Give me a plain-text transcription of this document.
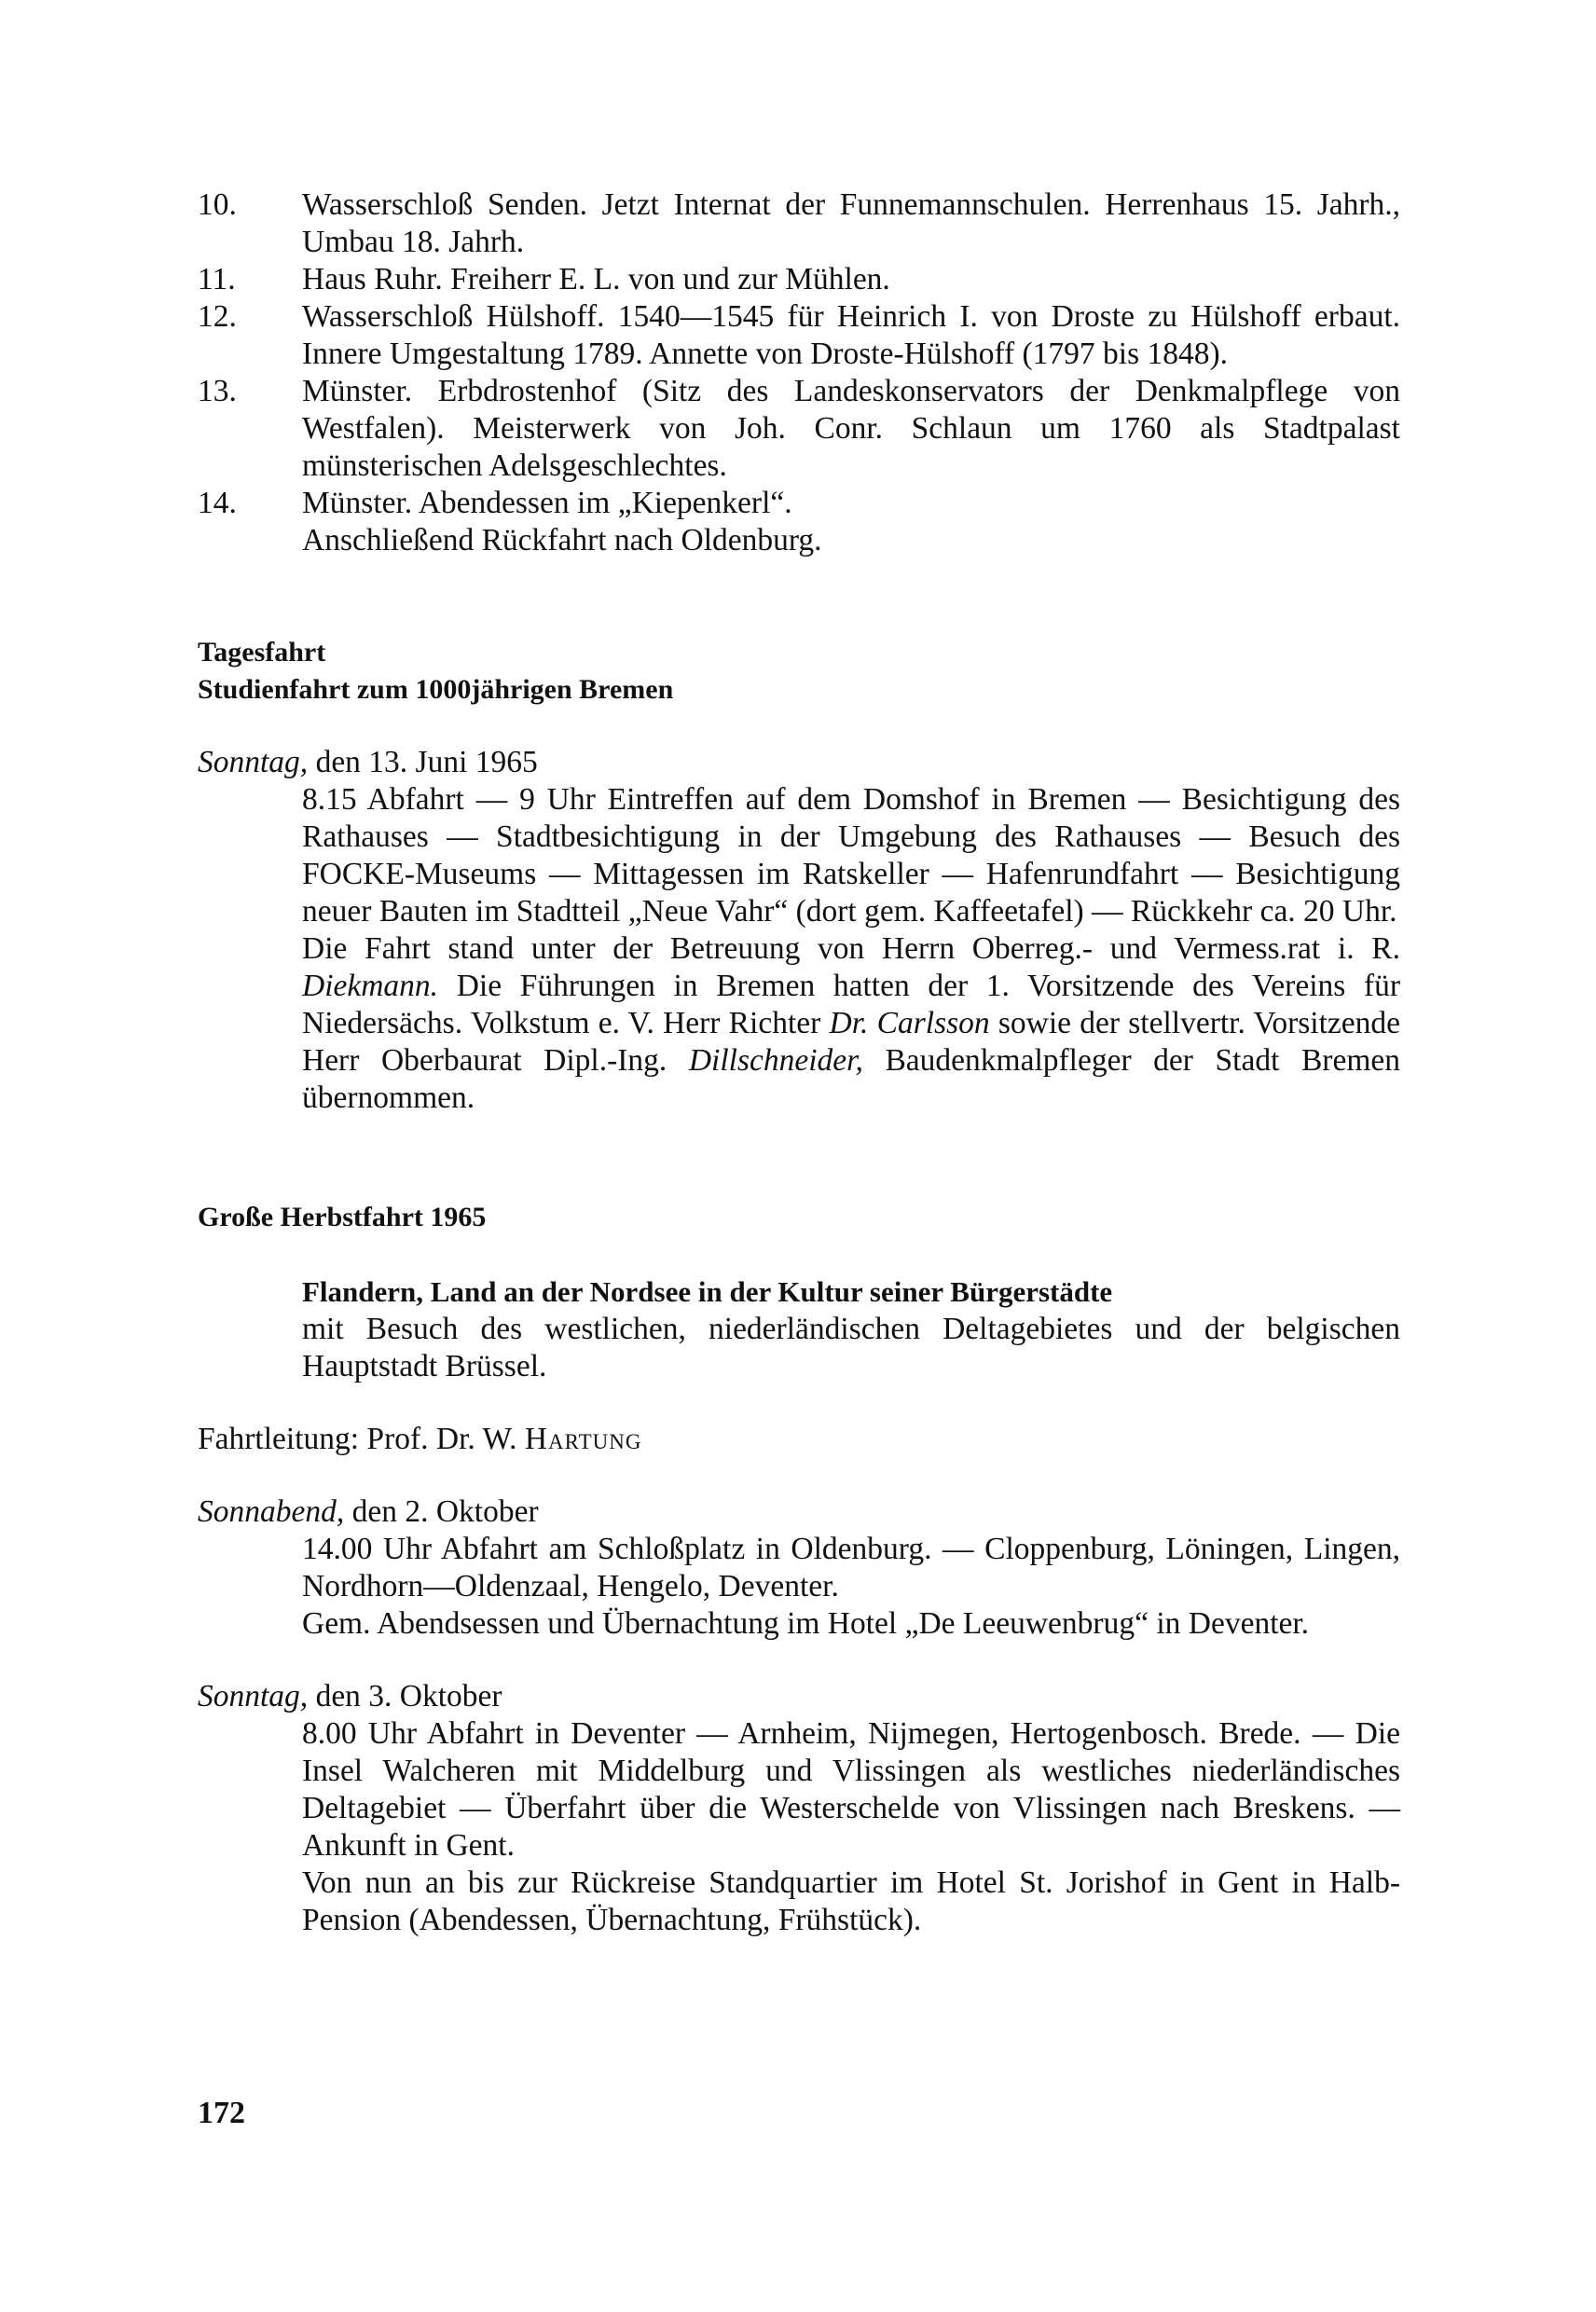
10.	Wasserschloß Senden. Jetzt Internat der Funnemannschulen. Herrenhaus 15. Jahrh., Umbau 18. Jahrh.
11.	Haus Ruhr. Freiherr E. L. von und zur Mühlen.
12.	Wasserschloß Hülshoff. 1540—1545 für Heinrich I. von Droste zu Hülshoff erbaut. Innere Umgestaltung 1789. Annette von Droste-Hülshoff (1797 bis 1848).
13.	Münster. Erbdrostenhof (Sitz des Landeskonservators der Denkmalpflege von Westfalen). Meisterwerk von Joh. Conr. Schlaun um 1760 als Stadtpalast münsterischen Adelsgeschlechtes.
14.	Münster. Abendessen im „Kiepenkerl“.
Anschließend Rückfahrt nach Oldenburg.
Tagesfahrt
Studienfahrt zum 1000jährigen Bremen
Sonntag, den 13. Juni 1965
8.15 Abfahrt — 9 Uhr Eintreffen auf dem Domshof in Bremen — Besichtigung des Rathauses — Stadtbesichtigung in der Umgebung des Rathauses — Besuch des FOCKE-Museums — Mittagessen im Ratskeller — Hafenrundfahrt — Besichtigung neuer Bauten im Stadtteil „Neue Vahr“ (dort gem. Kaffeetafel) — Rückkehr ca. 20 Uhr.
Die Fahrt stand unter der Betreuung von Herrn Oberreg.- und Vermess.rat i. R. Diekmann. Die Führungen in Bremen hatten der 1. Vorsitzende des Vereins für Niedersächs. Volkstum e. V. Herr Richter Dr. Carlsson sowie der stellvertr. Vorsitzende Herr Oberbaurat Dipl.-Ing. Dillschneider, Baudenkmalpfleger der Stadt Bremen übernommen.
Große Herbstfahrt 1965
Flandern, Land an der Nordsee in der Kultur seiner Bürgerstädte
mit Besuch des westlichen, niederländischen Deltagebietes und der belgischen Hauptstadt Brüssel.
Fahrtleitung: Prof. Dr. W. Hartung
Sonnabend, den 2. Oktober
14.00 Uhr Abfahrt am Schloßplatz in Oldenburg. — Cloppenburg, Löningen, Lingen, Nordhorn—Oldenzaal, Hengelo, Deventer.
Gem. Abendsessen und Übernachtung im Hotel „De Leeuwenbrug“ in Deventer.
Sonntag, den 3. Oktober
8.00 Uhr Abfahrt in Deventer — Arnheim, Nijmegen, Hertogenbosch. Brede. — Die Insel Walcheren mit Middelburg und Vlissingen als westliches niederländisches Deltagebiet — Überfahrt über die Westerschelde von Vlissingen nach Breskens. — Ankunft in Gent.
Von nun an bis zur Rückreise Standquartier im Hotel St. Jorishof in Gent in Halb-Pension (Abendessen, Übernachtung, Frühstück).
172
